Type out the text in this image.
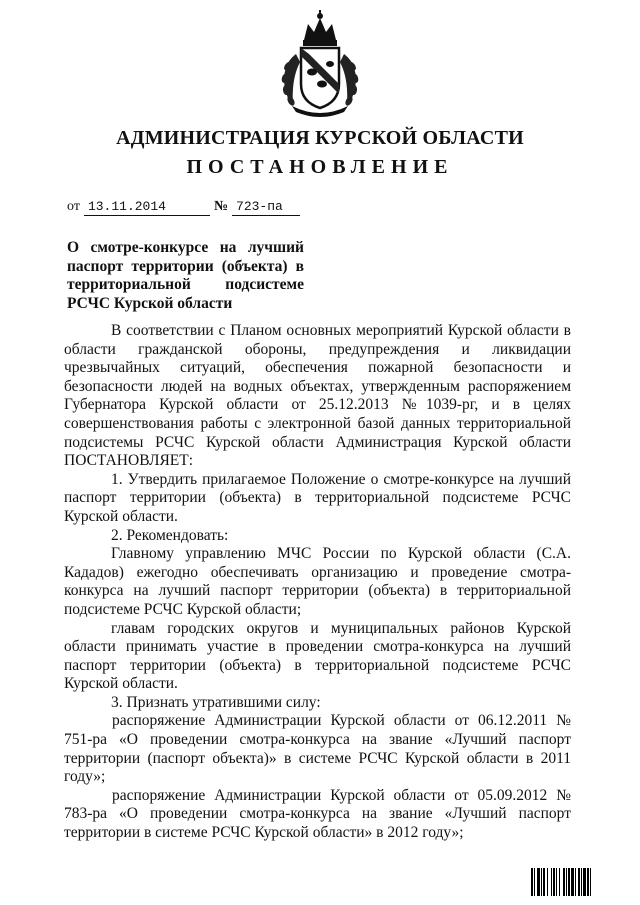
АДМИНИСТРАЦИЯ КУРСКОЙ ОБЛАСТИ
ПОСТАНОВЛЕНИЕ
от 13.11.2014	№ 723-па
О смотре-конкурсе на лучший
паспорт территории (объекта) в
территориальной подсистеме
РСЧС Курской области

В соответствии с Планом основных мероприятий Курской области в области гражданской обороны, предупреждения и ликвидации чрезвычайных ситуаций, обеспечения пожарной безопасности и безопасности людей на водных объектах, утвержденным распоряжением Губернатора Курской области от 25.12.2013 №1039-рг, и в целях совершенствования работы с электронной базой данных территориальной подсистемы РСЧС Курской области Администрация Курской области ПОСТАНОВЛЯЕТ:

1. Утвердить прилагаемое Положение о смотре-конкурсе на лучший паспорт территории (объекта) в территориальной подсистеме РСЧС Курской области.

2. Рекомендовать:

Главному управлению МЧС России по Курской области (С.А. Кададов) ежегодно обеспечивать организацию и проведение смотра-конкурса на лучший паспорт территории (объекта) в территориальной подсистеме РСЧС Курской области;

главам городских округов и муниципальных районов Курской области принимать участие в проведении смотра-конкурса на лучший паспорт территории (объекта) в территориальной подсистеме РСЧС Курской области.

3. Признать утратившими силу:

распоряжение Администрации Курской области от 06.12.2011 № 751-ра «О проведении смотра-конкурса на звание «Лучший паспорт территории (паспорт объекта)» в системе РСЧС Курской области в 2011 году»;

распоряжение Администрации Курской области от 05.09.2012 № 783-ра «О проведении смотра-конкурса на звание «Лучший паспорт территории в системе РСЧС Курской области» в 2012 году»;
